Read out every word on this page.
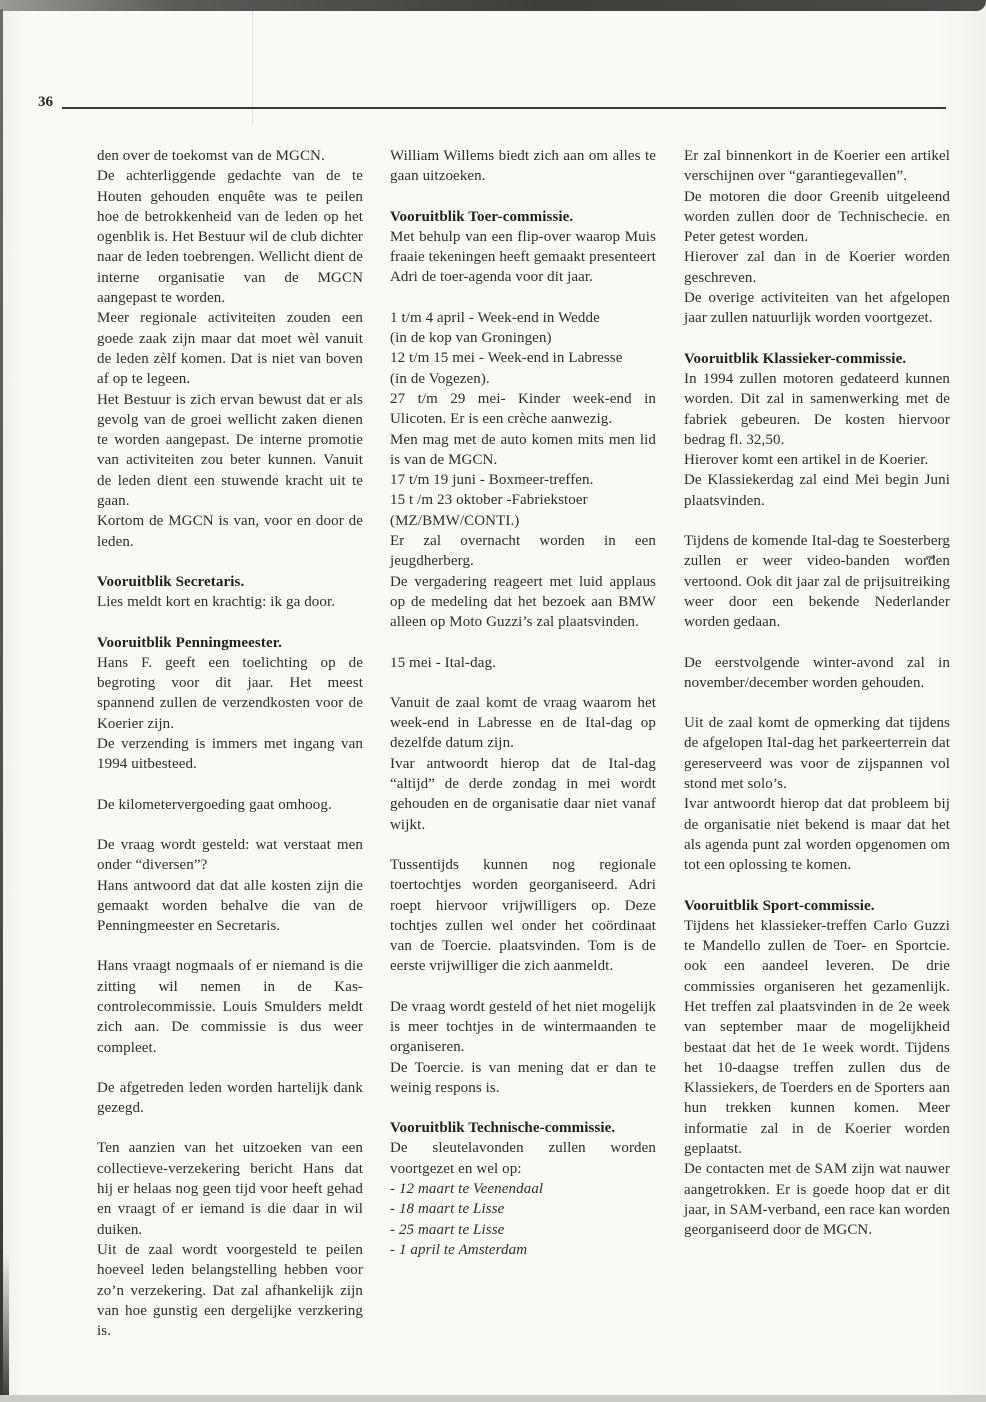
36
den over de toekomst van de MGCN.
De achterliggende gedachte van de te Houten gehouden enquête was te peilen hoe de betrokkenheid van de leden op het ogenblik is. Het Bestuur wil de club dichter naar de leden toebrengen. Wellicht dient de interne organisatie van de MGCN aangepast te worden.
Meer regionale activiteiten zouden een goede zaak zijn maar dat moet wèl vanuit de leden zèlf komen. Dat is niet van boven af op te legeen.
Het Bestuur is zich ervan bewust dat er als gevolg van de groei wellicht zaken dienen te worden aangepast. De interne promotie van activiteiten zou beter kunnen. Vanuit de leden dient een stuwende kracht uit te gaan.
Kortom de MGCN is van, voor en door de leden.
Vooruitblik Secretaris.
Lies meldt kort en krachtig: ik ga door.
Vooruitblik Penningmeester.
Hans F. geeft een toelichting op de begroting voor dit jaar. Het meest spannend zullen de verzendkosten voor de Koerier zijn.
De verzending is immers met ingang van 1994 uitbesteed.
De kilometervergoeding gaat omhoog.
De vraag wordt gesteld: wat verstaat men onder “diversen”?
Hans antwoord dat dat alle kosten zijn die gemaakt worden behalve die van de Penningmeester en Secretaris.
Hans vraagt nogmaals of er niemand is die zitting wil nemen in de Kas-controlecommissie. Louis Smulders meldt zich aan. De commissie is dus weer compleet.
De afgetreden leden worden hartelijk dank gezegd.
Ten aanzien van het uitzoeken van een collectieve-verzekering bericht Hans dat hij er helaas nog geen tijd voor heeft gehad en vraagt of er iemand is die daar in wil duiken.
Uit de zaal wordt voorgesteld te peilen hoeveel leden belangstelling hebben voor zo’n verzekering. Dat zal afhankelijk zijn van hoe gunstig een dergelijke verzkering is.
William Willems biedt zich aan om alles te gaan uitzoeken.
Vooruitblik Toer-commissie.
Met behulp van een flip-over waarop Muis fraaie tekeningen heeft gemaakt presenteert Adri de toer-agenda voor dit jaar.
1 t/m 4 april - Week-end in Wedde
(in de kop van Groningen)
12 t/m 15 mei - Week-end in Labresse
(in de Vogezen).
27 t/m 29 mei- Kinder week-end in Ulicoten. Er is een crèche aanwezig.
Men mag met de auto komen mits men lid is van de MGCN.
17 t/m 19 juni - Boxmeer-treffen.
15 t /m 23 oktober -Fabriekstoer
(MZ/BMW/CONTI.)
Er zal overnacht worden in een jeugdherberg.
De vergadering reageert met luid applaus op de medeling dat het bezoek aan BMW alleen op Moto Guzzi’s zal plaatsvinden.
15 mei - Ital-dag.
Vanuit de zaal komt de vraag waarom het week-end in Labresse en de Ital-dag op dezelfde datum zijn.
Ivar antwoordt hierop dat de Ital-dag “altijd” de derde zondag in mei wordt gehouden en de organisatie daar niet vanaf wijkt.
Tussentijds kunnen nog regionale toertochtjes worden georganiseerd. Adri roept hiervoor vrijwilligers op. Deze tochtjes zullen wel onder het coördinaat van de Toercie. plaatsvinden. Tom is de eerste vrijwilliger die zich aanmeldt.
De vraag wordt gesteld of het niet mogelijk is meer tochtjes in de wintermaanden te organiseren.
De Toercie. is van mening dat er dan te weinig respons is.
Vooruitblik Technische-commissie.
De sleutelavonden zullen worden voortgezet en wel op:
- 12 maart te Veenendaal
- 18 maart te Lisse
- 25 maart te Lisse
- 1 april te Amsterdam
Er zal binnenkort in de Koerier een artikel verschijnen over “garantiegevallen”.
De motoren die door Greenib uitgeleend worden zullen door de Technischecie. en Peter getest worden.
Hierover zal dan in de Koerier worden geschreven.
De overige activiteiten van het afgelopen jaar zullen natuurlijk worden voortgezet.
Vooruitblik Klassieker-commissie.
In 1994 zullen motoren gedateerd kunnen worden. Dit zal in samenwerking met de fabriek gebeuren. De kosten hiervoor bedrag fl. 32,50.
Hierover komt een artikel in de Koerier.
De Klassiekerdag zal eind Mei begin Juni plaatsvinden.
Tijdens de komende Ital-dag te Soesterberg zullen er weer video-banden worden vertoond. Ook dit jaar zal de prijsuitreiking weer door een bekende Nederlander worden gedaan.
De eerstvolgende winter-avond zal in november/december worden gehouden.
Uit de zaal komt de opmerking dat tijdens de afgelopen Ital-dag het parkeerterrein dat gereserveerd was voor de zijspannen vol stond met solo’s.
Ivar antwoordt hierop dat dat probleem bij de organisatie niet bekend is maar dat het als agenda punt zal worden opgenomen om tot een oplossing te komen.
Vooruitblik Sport-commissie.
Tijdens het klassieker-treffen Carlo Guzzi te Mandello zullen de Toer- en Sportcie. ook een aandeel leveren. De drie commissies organiseren het gezamenlijk. Het treffen zal plaatsvinden in de 2e week van september maar de mogelijkheid bestaat dat het de 1e week wordt. Tijdens het 10-daagse treffen zullen dus de Klassiekers, de Toerders en de Sporters aan hun trekken kunnen komen. Meer informatie zal in de Koerier worden geplaatst.
De contacten met de SAM zijn wat nauwer aangetrokken. Er is goede hoop dat er dit jaar, in SAM-verband, een race kan worden georganiseerd door de MGCN.
